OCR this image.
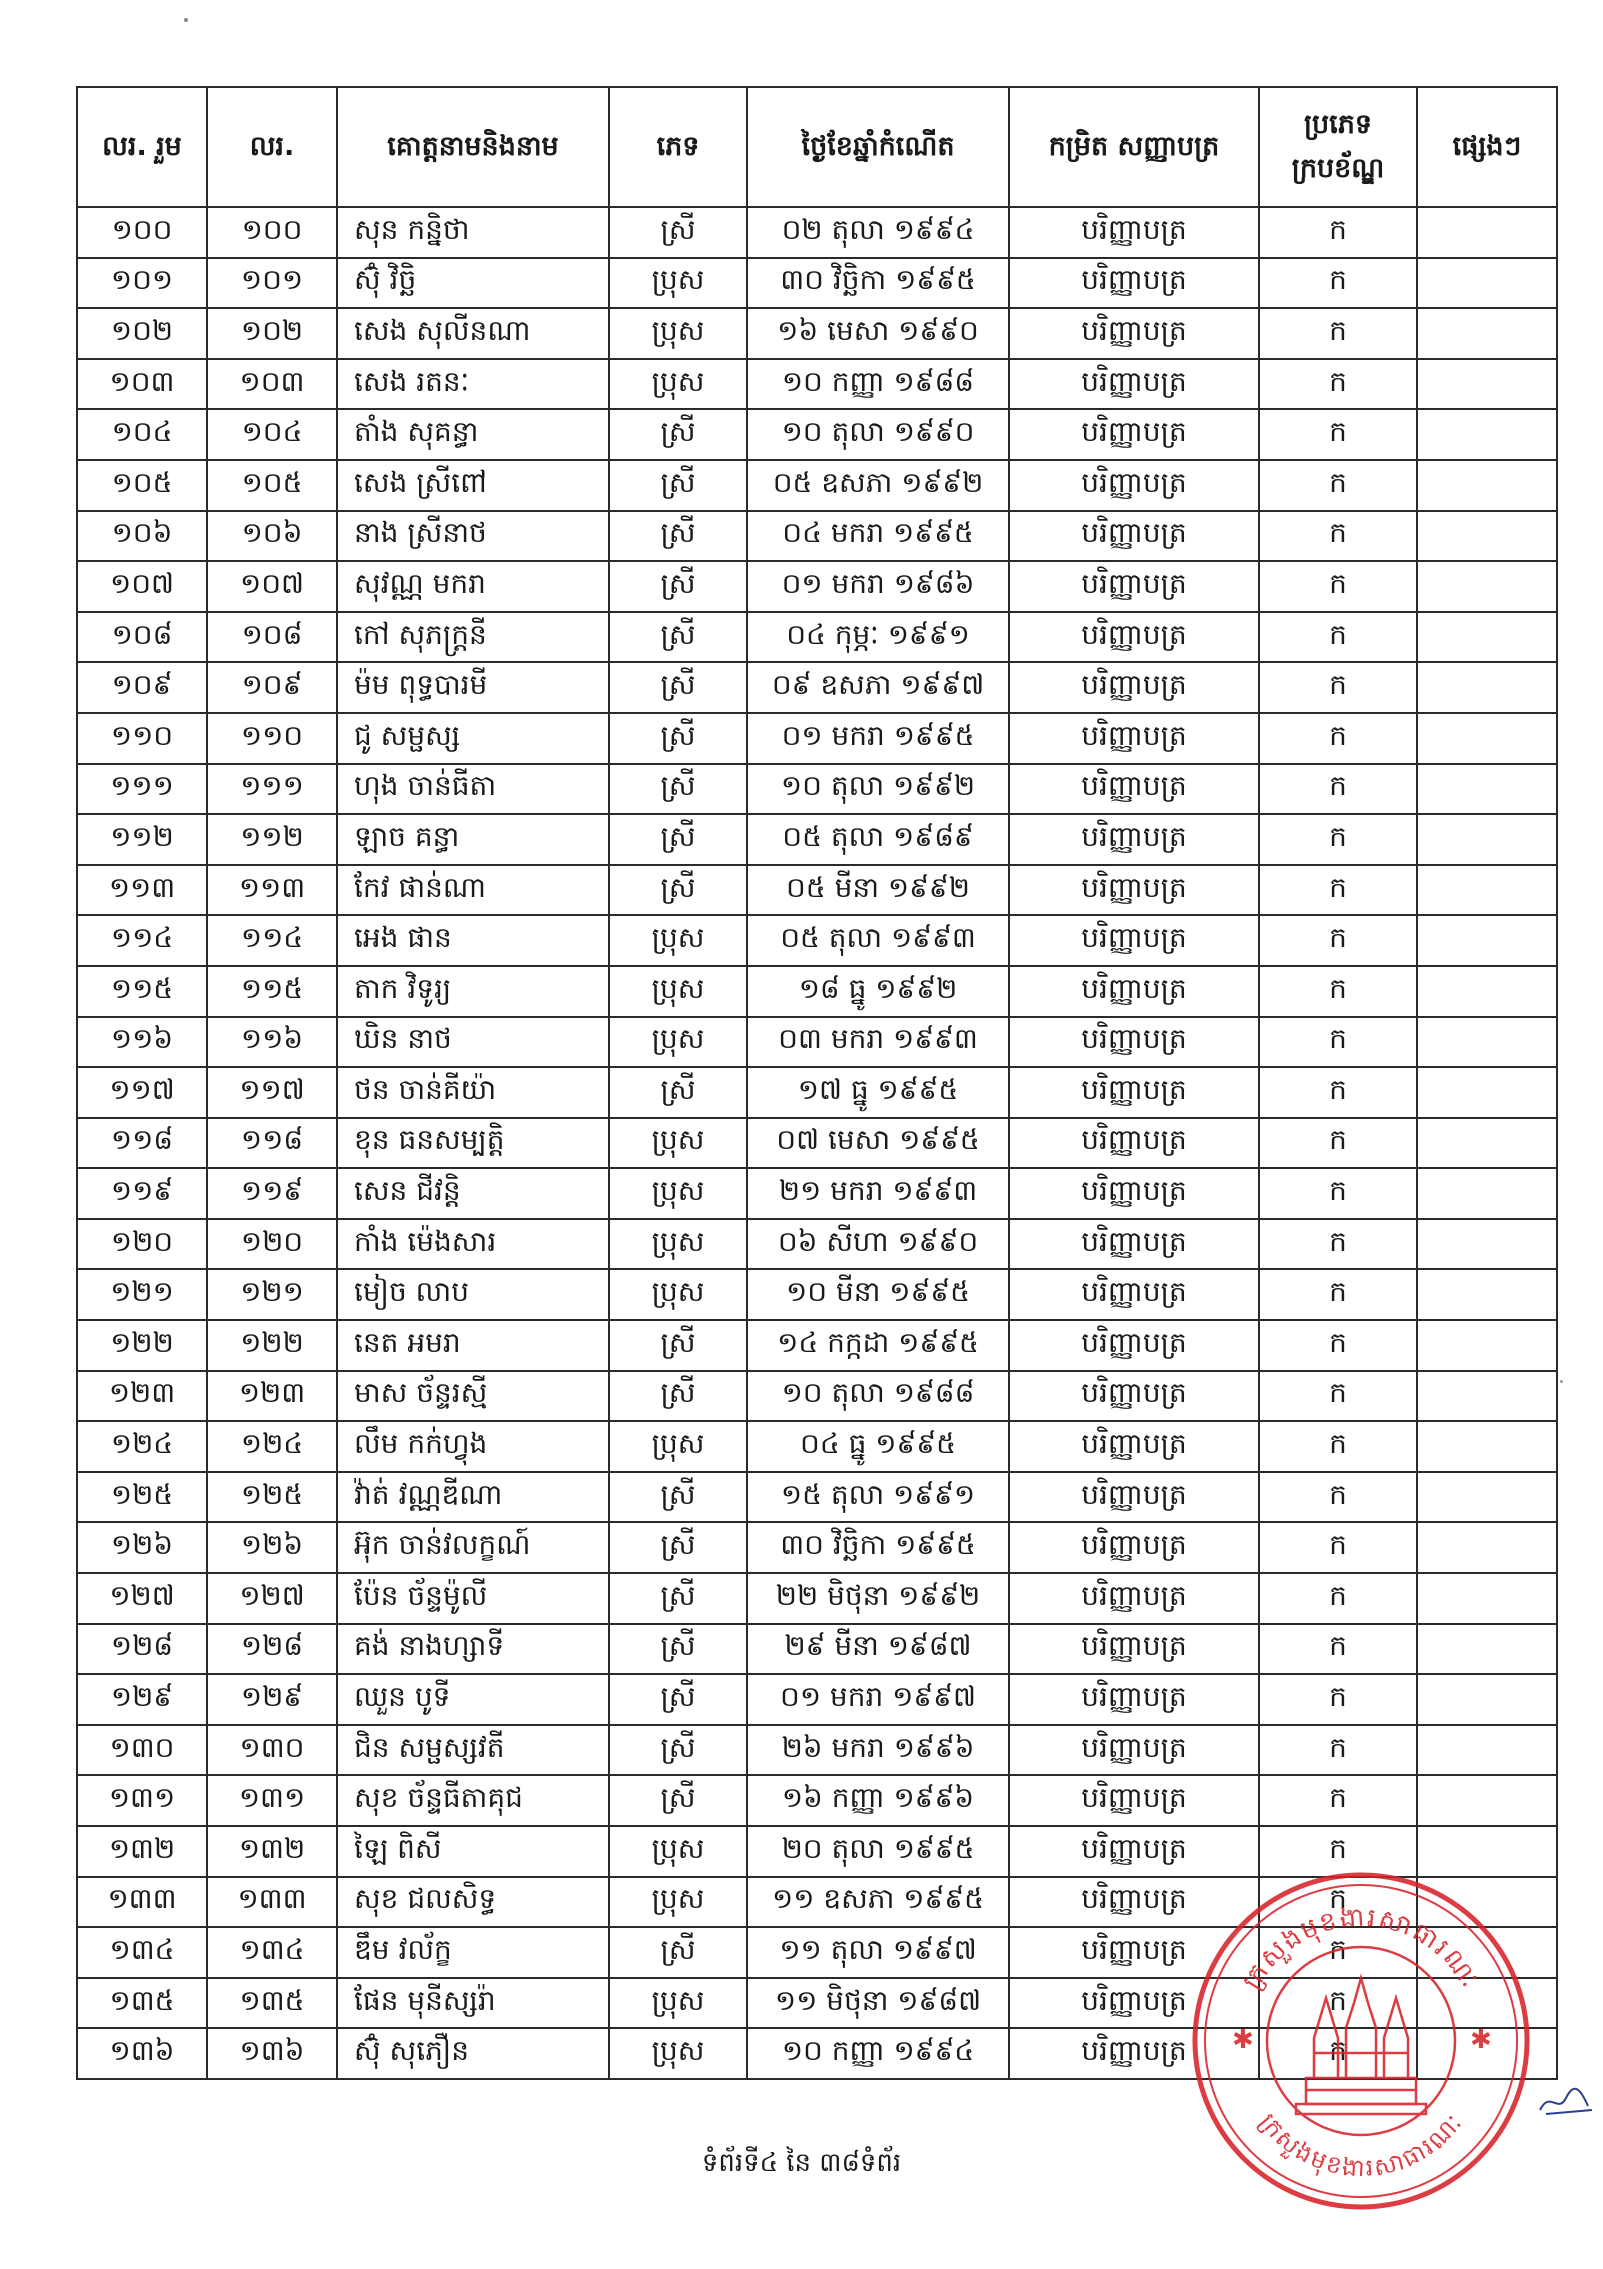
លរ. រួម	លរ.	គោត្តនាមនិងនាម	ភេទ	ថ្ងៃខែឆ្នាំកំណើត	កម្រិត សញ្ញាបត្រ	ប្រភេទ ក្របខ័ណ្ឌ	ផ្សេងៗ
១០០	១០០	សុន កន្និថា	ស្រី	០២ តុលា ១៩៩៤	បរិញ្ញាបត្រ	ក	
១០១	១០១	ស៊ុំ វិច្ឆិ	ប្រុស	៣០ វិច្ឆិកា ១៩៩៥	បរិញ្ញាបត្រ	ក	
១០២	១០២	សេង សុលីនណា	ប្រុស	១៦ មេសា ១៩៩០	បរិញ្ញាបត្រ	ក	
១០៣	១០៣	សេង រតនៈ	ប្រុស	១០ កញ្ញា ១៩៨៨	បរិញ្ញាបត្រ	ក	
១០៤	១០៤	តាំង សុគន្ធា	ស្រី	១០ តុលា ១៩៩០	បរិញ្ញាបត្រ	ក	
១០៥	១០៥	សេង ស្រីពៅ	ស្រី	០៥ ឧសភា ១៩៩២	បរិញ្ញាបត្រ	ក	
១០៦	១០៦	នាង ស្រីនាថ	ស្រី	០៤ មករា ១៩៩៥	បរិញ្ញាបត្រ	ក	
១០៧	១០៧	សុវណ្ណ មករា	ស្រី	០១ មករា ១៩៨៦	បរិញ្ញាបត្រ	ក	
១០៨	១០៨	កៅ សុភក្រ្តនី	ស្រី	០៤ កុម្ភៈ ១៩៩១	បរិញ្ញាបត្រ	ក	
១០៩	១០៩	ម៉ម ពុទ្ធបារមី	ស្រី	០៩ ឧសភា ១៩៩៧	បរិញ្ញាបត្រ	ក	
១១០	១១០	ជូ សម្ផស្ស	ស្រី	០១ មករា ១៩៩៥	បរិញ្ញាបត្រ	ក	
១១១	១១១	ហុង ចាន់ធីតា	ស្រី	១០ តុលា ១៩៩២	បរិញ្ញាបត្រ	ក	
១១២	១១២	ឡាច គន្ធា	ស្រី	០៥ តុលា ១៩៨៩	បរិញ្ញាបត្រ	ក	
១១៣	១១៣	កែវ ផាន់ណា	ស្រី	០៥ មីនា ១៩៩២	បរិញ្ញាបត្រ	ក	
១១៤	១១៤	អេង ផាន	ប្រុស	០៥ តុលា ១៩៩៣	បរិញ្ញាបត្រ	ក	
១១៥	១១៥	តាក វិទូរ្យ	ប្រុស	១៨ ធ្នូ ១៩៩២	បរិញ្ញាបត្រ	ក	
១១៦	១១៦	ឃិន នាថ	ប្រុស	០៣ មករា ១៩៩៣	បរិញ្ញាបត្រ	ក	
១១៧	១១៧	ថន ចាន់គីយ៉ា	ស្រី	១៧ ធ្នូ ១៩៩៥	បរិញ្ញាបត្រ	ក	
១១៨	១១៨	ខុន ធនសម្បត្តិ	ប្រុស	០៧ មេសា ១៩៩៥	បរិញ្ញាបត្រ	ក	
១១៩	១១៩	សេន ជីវន្តិ	ប្រុស	២១ មករា ១៩៩៣	បរិញ្ញាបត្រ	ក	
១២០	១២០	កាំង ម៉េងសារ	ប្រុស	០៦ សីហា ១៩៩០	បរិញ្ញាបត្រ	ក	
១២១	១២១	មៀច លាប	ប្រុស	១០ មីនា ១៩៩៥	បរិញ្ញាបត្រ	ក	
១២២	១២២	នេត អមរា	ស្រី	១៤ កក្កដា ១៩៩៥	បរិញ្ញាបត្រ	ក	
១២៣	១២៣	មាស ច័ន្ទរស្មី	ស្រី	១០ តុលា ១៩៨៨	បរិញ្ញាបត្រ	ក	
១២៤	១២៤	លឹម កក់ហ្វុង	ប្រុស	០៤ ធ្នូ ១៩៩៥	បរិញ្ញាបត្រ	ក	
១២៥	១២៥	វ៉ាត់ វណ្ណឌីណា	ស្រី	១៥ តុលា ១៩៩១	បរិញ្ញាបត្រ	ក	
១២៦	១២៦	អ៊ុក ចាន់វលក្ខណ៍	ស្រី	៣០ វិច្ឆិកា ១៩៩៥	បរិញ្ញាបត្រ	ក	
១២៧	១២៧	ប៉ែន ច័ន្ទម៉ូលី	ស្រី	២២ មិថុនា ១៩៩២	បរិញ្ញាបត្រ	ក	
១២៨	១២៨	គង់ នាងហ្សាទី	ស្រី	២៩ មីនា ១៩៨៧	បរិញ្ញាបត្រ	ក	
១២៩	១២៩	ឈួន បូទី	ស្រី	០១ មករា ១៩៩៧	បរិញ្ញាបត្រ	ក	
១៣០	១៣០	ជិន សម្ផស្សវតី	ស្រី	២៦ មករា ១៩៩៦	បរិញ្ញាបត្រ	ក	
១៣១	១៣១	សុខ ច័ន្ទធីតាគុជ	ស្រី	១៦ កញ្ញា ១៩៩៦	បរិញ្ញាបត្រ	ក	
១៣២	១៣២	ឡៃ ពិសី	ប្រុស	២០ តុលា ១៩៩៥	បរិញ្ញាបត្រ	ក	
១៣៣	១៣៣	សុខ ជលសិទ្ធ	ប្រុស	១១ ឧសភា ១៩៩៥	បរិញ្ញាបត្រ	ក	
១៣៤	១៣៤	ឌឹម វល័ក្ខ	ស្រី	១១ តុលា ១៩៩៧	បរិញ្ញាបត្រ	ក	
១៣៥	១៣៥	ផែន មុនីស្សរ៉ា	ប្រុស	១១ មិថុនា ១៩៨៧	បរិញ្ញាបត្រ	ក	
១៣៦	១៣៦	ស៊ុំ សុភឿន	ប្រុស	១០ កញ្ញា ១៩៩៤	បរិញ្ញាបត្រ	ក	
ទំព័រទី៤ នៃ ៣៨ទំព័រ
ក្រសួងមុខងារសាធារណៈ
ក្រសួងមុខងារសាធារណៈ
✱	✱
